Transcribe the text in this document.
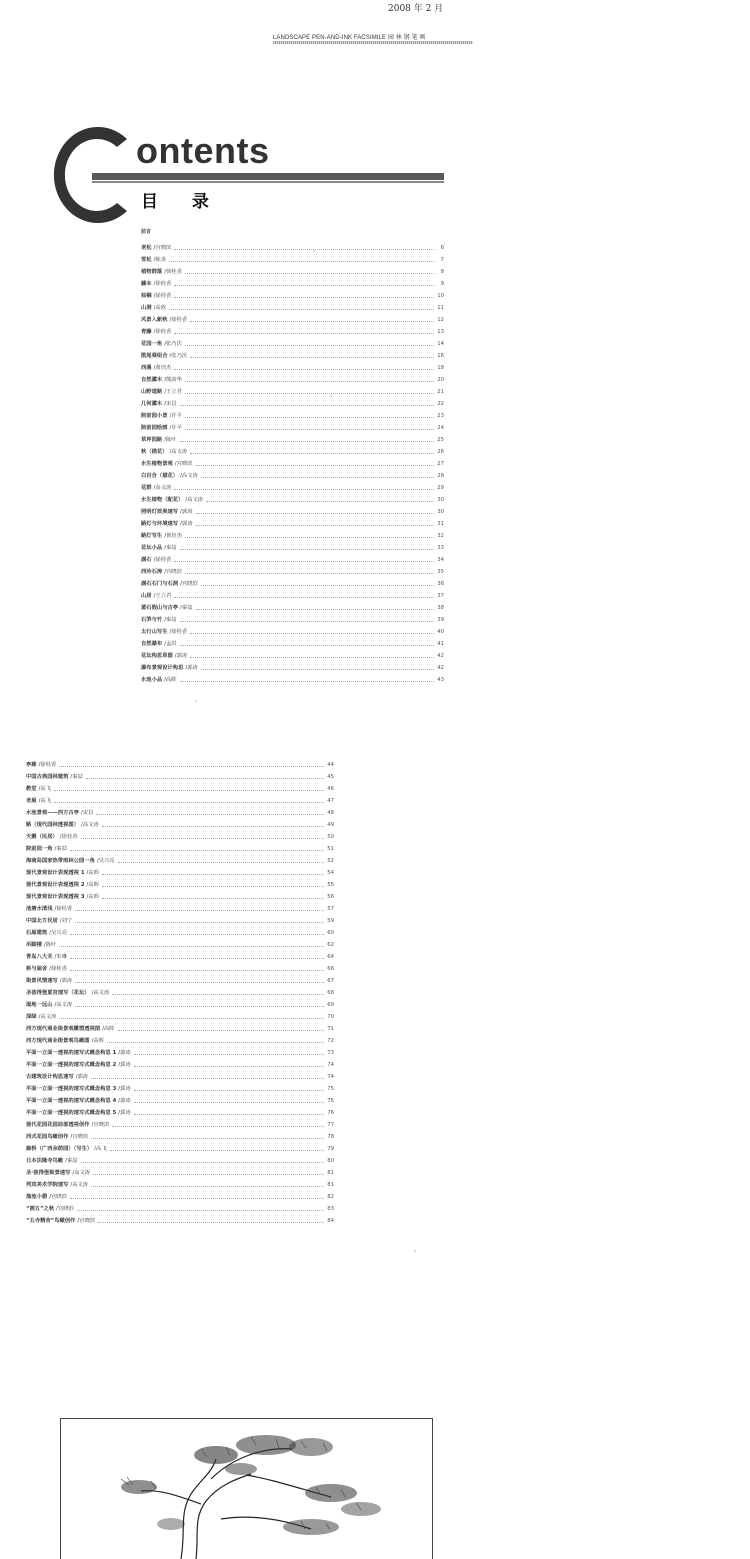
2008 年 2 月
LANDSCAPE PEN-AND-INK FACSIMILE 园 林 钢 笔 画
ontents
目 录
前言
老松 / 宫晓滨	6
雪松 / 陈炎	7
植物群落 / 徐桂香	8
藤本 / 徐桂香	9
棕榈 / 徐桂香	10
山洞 / 高欣	11
风景入新秋 / 徐桂香	12
青藤 / 徐桂香	13
花园一角 / 张乃沃	14
散尾葵组合 / 张乃沃	16
西溪 / 黄培杰	18
自然灌木 / 熊韵华	20
山野道路 / 王立君	21
几何灌木 / 宋昌	22
院前园小景 / 许平	23
院前园绘画 / 许平	24
草坪园路 / 陈叶	25
秋（描花） / 高文涛	26
水生植物景观 / 宫晓滨	27
白百合（描花） / 高文涛	28
花群 / 高文涛	29
水生植物（配花） / 高文涛	30
照明灯效果速写 / 郭涛	30
路灯与环境速写 / 郭涛	31
路灯写生 / 黄培杰	32
花坛小品 / 秦喆	33
湖石 / 徐桂香	34
西泠石涛 / 宫晓滨	35
湖石石门与石洞 / 宫晓滨	36
山居 / 王立君	37
黄石假山与古亭 / 秦喆	38
石笋与竹 / 秦喆	39
太行山写生 / 徐桂香	40
自然瀑布 / 孟洪	41
花坛构思草图 / 郭涛	42
瀑布景观设计构思 / 郭涛	42
水池小品 / 高晖	43
亭廊 / 徐桂香	44
中国古典园林建筑 / 秦喆	45
教堂 / 高飞	46
老屋 / 高飞	47
水池景观——西方古亭 / 宋昌	48
路（现代园林透视图） / 高文涛	49
天鹅（民居） / 徐桂香	50
院前园一角 / 秦喆	51
海南岛国家热带雨林公园一角 / 吴兴亮	52
现代景观设计表现透视 1 / 高晖	54
现代景观设计表现透视 2 / 高晖	55
现代景观设计表现透视 3 / 高晖	56
池塘水清浅 / 徐桂香	57
中国北方民居 / 刘宁	59
石屋建筑 / 吴兴亮	60
吊脚楼 / 陈叶	62
青岛八大关 / 朱琳	64
桥与屋舍 / 徐桂香	66
街景风情速写 / 郭涛	67
圣彼得堡夏宫速写（花坛） / 高文涛	68
湿地一远山 / 高文涛	69
深绿 / 高文涛	70
西方现代商业街景观雕塑透视图 / 高晖	71
西方现代商业街景观鸟瞰图 / 高晖	72
平面一立面一透视的速写式概念构思 1 / 郭涛	73
平面一立面一透视的速写式概念构思 2 / 郭涛	74
古建筑设计构思速写 / 郭涛	74
平面一立面一透视的速写式概念构思 3 / 郭涛	75
平面一立面一透视的速写式概念构思 4 / 郭涛	75
平面一立面一透视的速写式概念构思 5 / 郭涛	76
现代花园花园局部透视创作 / 宫晓滨	77
西式花园鸟瞰创作 / 宫晓滨	78
廊桥（广西余荫园）（写生） / 高飞	79
日本法隆寺鸟瞰 / 秦喆	80
圣·彼得堡街景速写 / 高文涛	81
列宾美术学院速写 / 高文涛	81
渔池小憩 / 宫晓滨	82
“画五”之秋 / 宫晓滨	83
“五寺精舍”鸟瞰创作 / 宫晓滨	84
